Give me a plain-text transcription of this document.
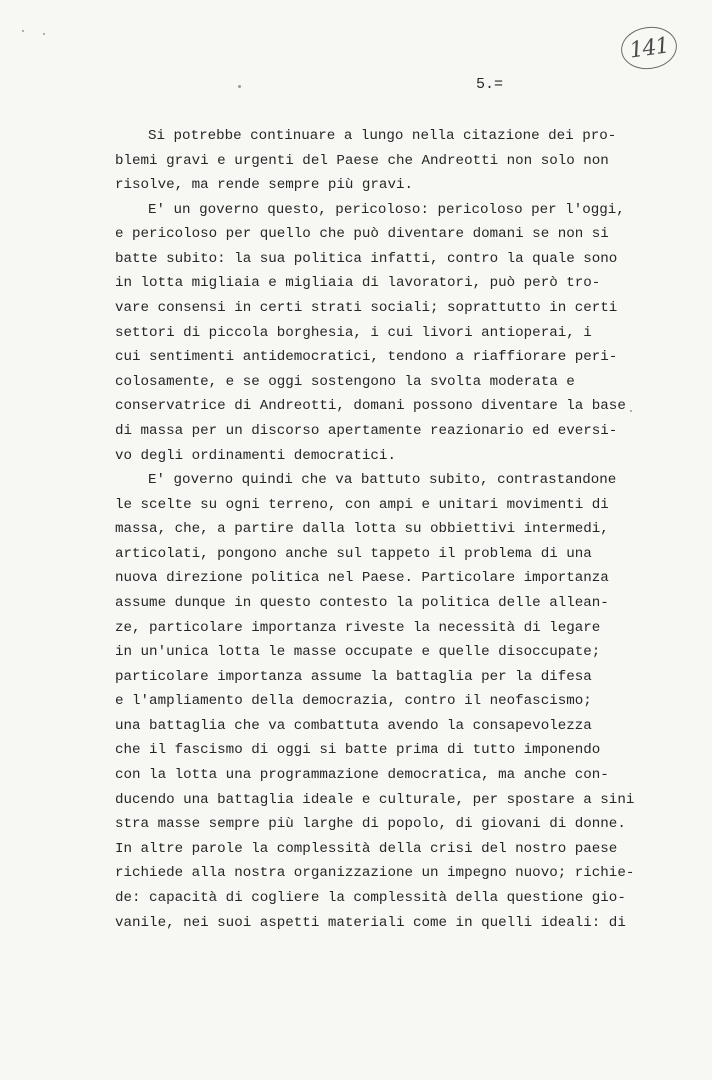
141
5.=
Si potrebbe continuare a lungo nella citazione dei pro-
blemi gravi e urgenti del Paese che Andreotti non solo non
risolve, ma rende sempre più gravi.
E' un governo questo, pericoloso: pericoloso per l'oggi,
e pericoloso per quello che può diventare domani se non si
batte subito: la sua politica infatti, contro la quale sono
in lotta migliaia e migliaia di lavoratori, può però tro-
vare consensi in certi strati sociali; soprattutto in certi
settori di piccola borghesia, i cui livori antioperai, i
cui sentimenti antidemocratici, tendono a riaffiorare peri-
colosamente, e se oggi sostengono la svolta moderata e
conservatrice di Andreotti, domani possono diventare la base
di massa per un discorso apertamente reazionario ed eversi-
vo degli ordinamenti democratici.
E' governo quindi che va battuto subito, contrastandone
le scelte su ogni terreno, con ampi e unitari movimenti di
massa, che, a partire dalla lotta su obbiettivi intermedi,
articolati, pongono anche sul tappeto il problema di una
nuova direzione politica nel Paese. Particolare importanza
assume dunque in questo contesto la politica delle allean-
ze, particolare importanza riveste la necessità di legare
in un'unica lotta le masse occupate e quelle disoccupate;
particolare importanza assume la battaglia per la difesa
e l'ampliamento della democrazia, contro il neofascismo;
una battaglia che va combattuta avendo la consapevolezza
che il fascismo di oggi si batte prima di tutto imponendo
con la lotta una programmazione democratica, ma anche con-
ducendo una battaglia ideale e culturale, per spostare a sini
stra masse sempre più larghe di popolo, di giovani di donne.
In altre parole la complessità della crisi del nostro paese
richiede alla nostra organizzazione un impegno nuovo; richie-
de: capacità di cogliere la complessità della questione gio-
vanile, nei suoi aspetti materiali come in quelli ideali: di
